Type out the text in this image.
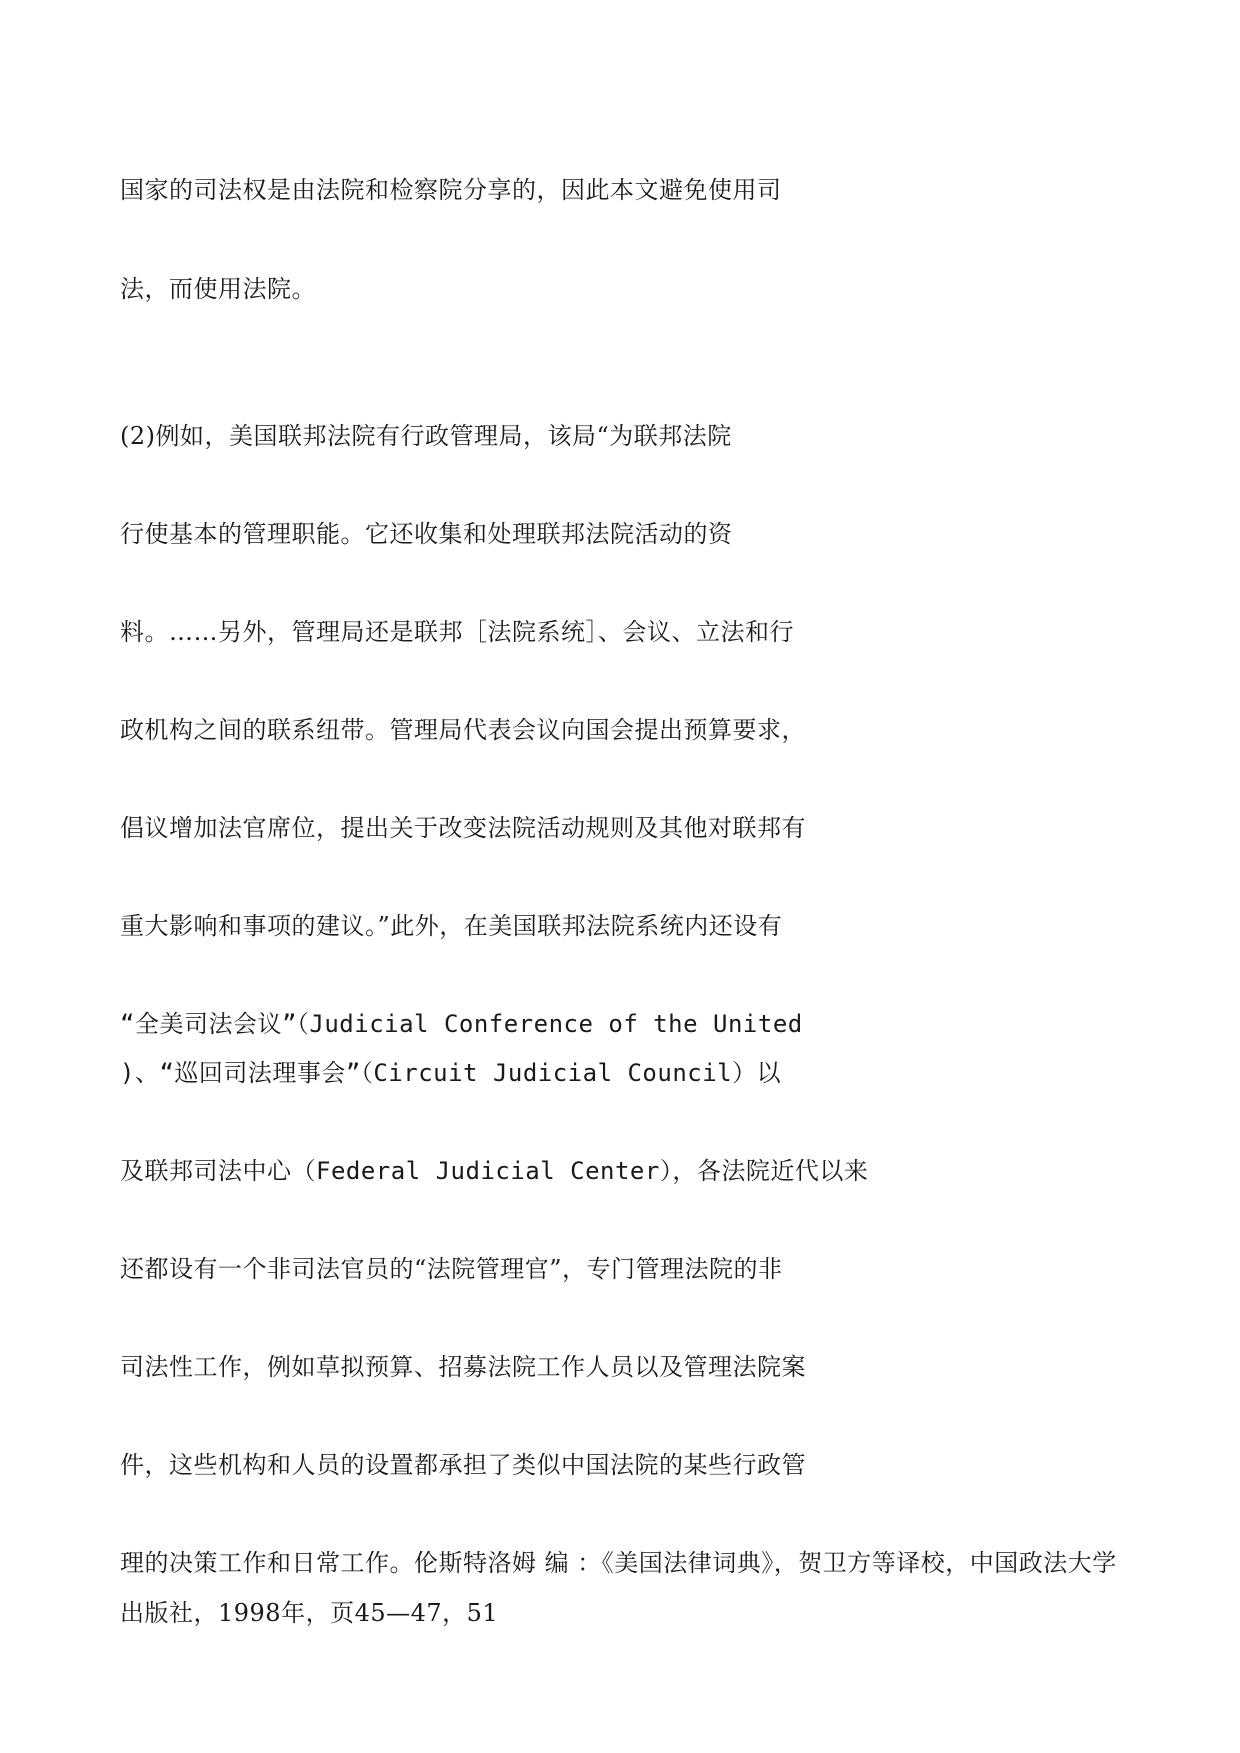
国家的司法权是由法院和检察院分享的，因此本文避免使用司
法，而使用法院。
(2)例如，美国联邦法院有行政管理局，该局“为联邦法院
行使基本的管理职能。它还收集和处理联邦法院活动的资
料。……另外，管理局还是联邦［法院系统］、会议、立法和行
政机构之间的联系纽带。管理局代表会议向国会提出预算要求，
倡议增加法官席位，提出关于改变法院活动规则及其他对联邦有
重大影响和事项的建议。”此外，在美国联邦法院系统内还设有
“全美司法会议”（Judicial Conference of the United
)、“巡回司法理事会”（Circuit Judicial Council）以
及联邦司法中心（Federal Judicial Center），各法院近代以来
还都设有一个非司法官员的“法院管理官”，专门管理法院的非
司法性工作，例如草拟预算、招募法院工作人员以及管理法院案
件，这些机构和人员的设置都承担了类似中国法院的某些行政管
理的决策工作和日常工作。伦斯特洛姆 编 ：《美国法律词典》，贺卫方等译校，中国政法大学出版社，1998年，页45—47，51
